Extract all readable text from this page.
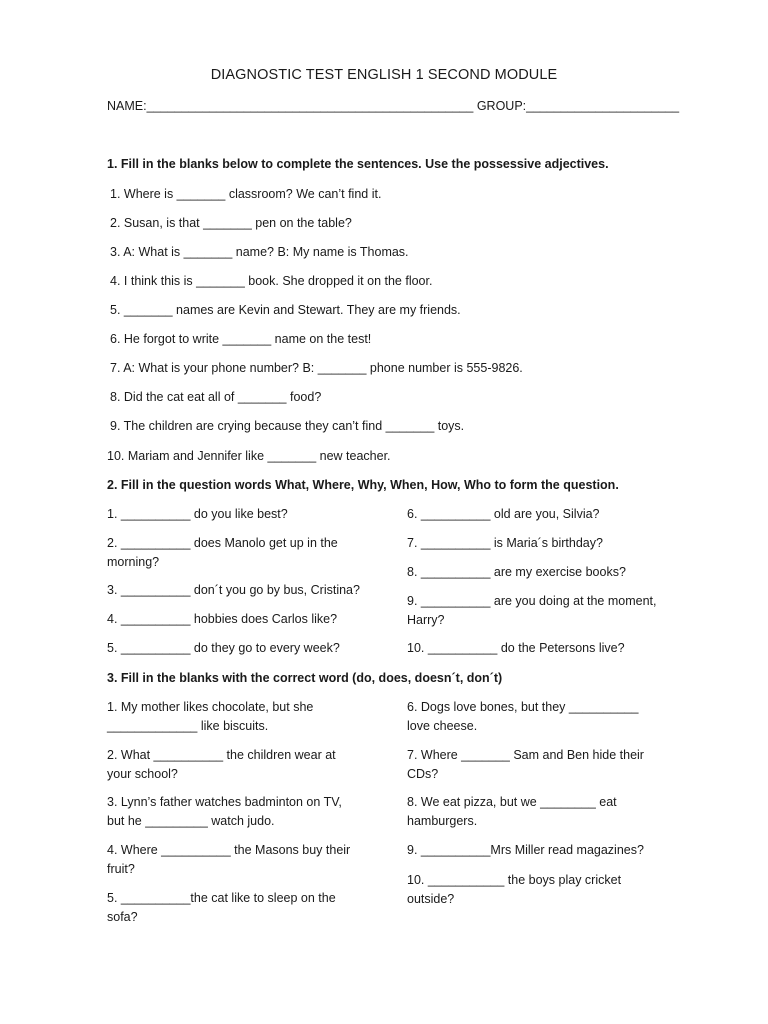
DIAGNOSTIC TEST ENGLISH 1 SECOND MODULE
NAME:_______________________________________________ GROUP:______________________
1. Fill in the blanks below to complete the sentences. Use the possessive adjectives.
1. Where is _______ classroom? We can’t find it.
2. Susan, is that _______ pen on the table?
3. A: What is _______ name? B: My name is Thomas.
4. I think this is _______ book. She dropped it on the floor.
5. _______ names are Kevin and Stewart. They are my friends.
6. He forgot to write _______ name on the test!
7. A: What is your phone number? B: _______ phone number is 555-9826.
8. Did the cat eat all of _______ food?
9. The children are crying because they can’t find _______ toys.
10. Mariam and Jennifer like _______ new teacher.
2. Fill in the question words What, Where, Why, When, How, Who to form the question.
1. __________ do you like best?
2. __________ does Manolo get up in the
morning?
3. __________ don´t you go by bus, Cristina?
4. __________ hobbies does Carlos like?
5. __________ do they go to every week?
6. __________ old are you, Silvia?
7. __________ is Maria´s birthday?
8. __________ are my exercise books?
9. __________ are you doing at the moment,
Harry?
10. __________ do the Petersons live?
3. Fill in the blanks with the correct word (do, does, doesn´t, don´t)
1. My mother likes chocolate, but she
_____________ like biscuits.
2. What __________ the children wear at
your school?
3. Lynn’s father watches badminton on TV,
but he _________ watch judo.
4. Where __________ the Masons buy their
fruit?
5. __________the cat like to sleep on the
sofa?
6. Dogs love bones, but they __________
love cheese.
7. Where _______ Sam and Ben hide their
CDs?
8. We eat pizza, but we ________ eat
hamburgers.
9. __________Mrs Miller read magazines?
10. ___________ the boys play cricket
outside?
